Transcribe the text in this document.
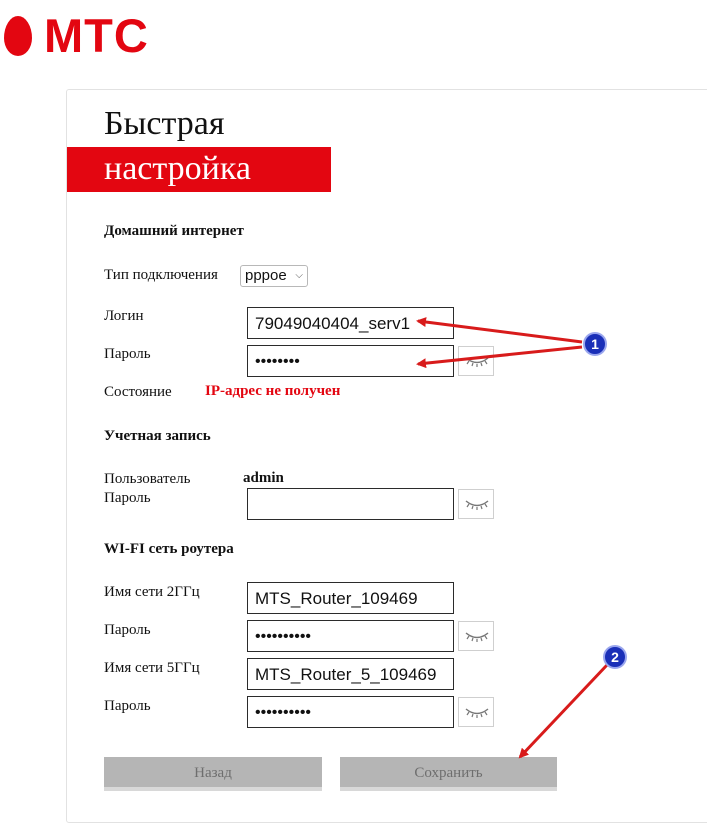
МТС
Быстрая
настройка
Домашний интернет
Тип подключения	pppoe ⌵
Логин	79049040404_serv1
Пароль	••••••••
Состояние IP-адрес не получен
Учетная запись
Пользователь	admin
Пароль
WI-FI сеть роутера
Имя сети 2ГГц	MTS_Router_109469
Пароль	••••••••••
Имя сети 5ГГц	MTS_Router_5_109469
Пароль	••••••••••
Назад	Сохранить
1
2
